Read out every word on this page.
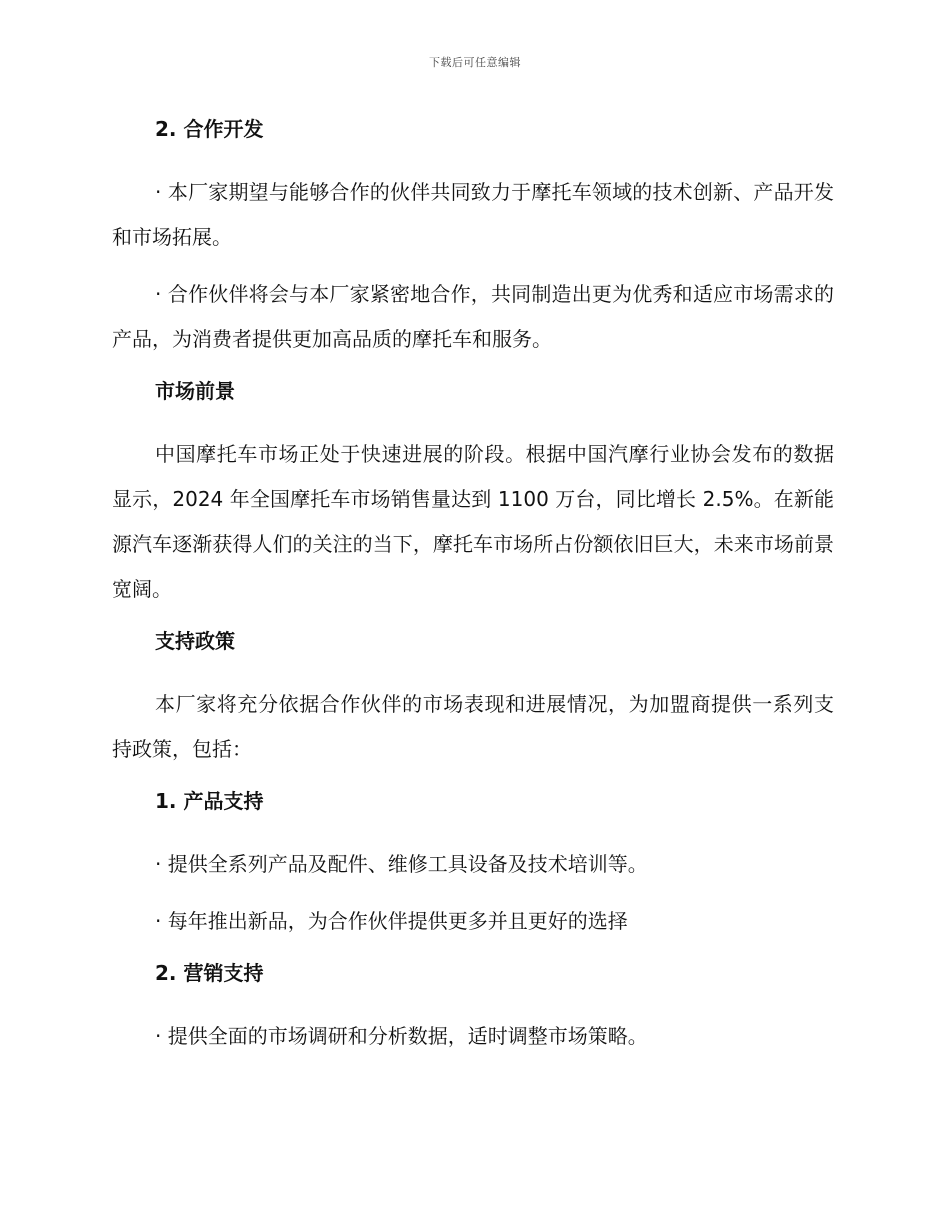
下载后可任意编辑
2. 合作开发

· 本厂家期望与能够合作的伙伴共同致力于摩托车领域的技术创新、产品开发和市场拓展。

· 合作伙伴将会与本厂家紧密地合作，共同制造出更为优秀和适应市场需求的产品，为消费者提供更加高品质的摩托车和服务。

市场前景

中国摩托车市场正处于快速进展的阶段。根据中国汽摩行业协会发布的数据显示，2024 年全国摩托车市场销售量达到 1100 万台，同比增长 2.5%。在新能源汽车逐渐获得人们的关注的当下，摩托车市场所占份额依旧巨大，未来市场前景宽阔。

支持政策

本厂家将充分依据合作伙伴的市场表现和进展情况，为加盟商提供一系列支持政策，包括：

1. 产品支持

· 提供全系列产品及配件、维修工具设备及技术培训等。

· 每年推出新品，为合作伙伴提供更多并且更好的选择

2. 营销支持

· 提供全面的市场调研和分析数据，适时调整市场策略。
